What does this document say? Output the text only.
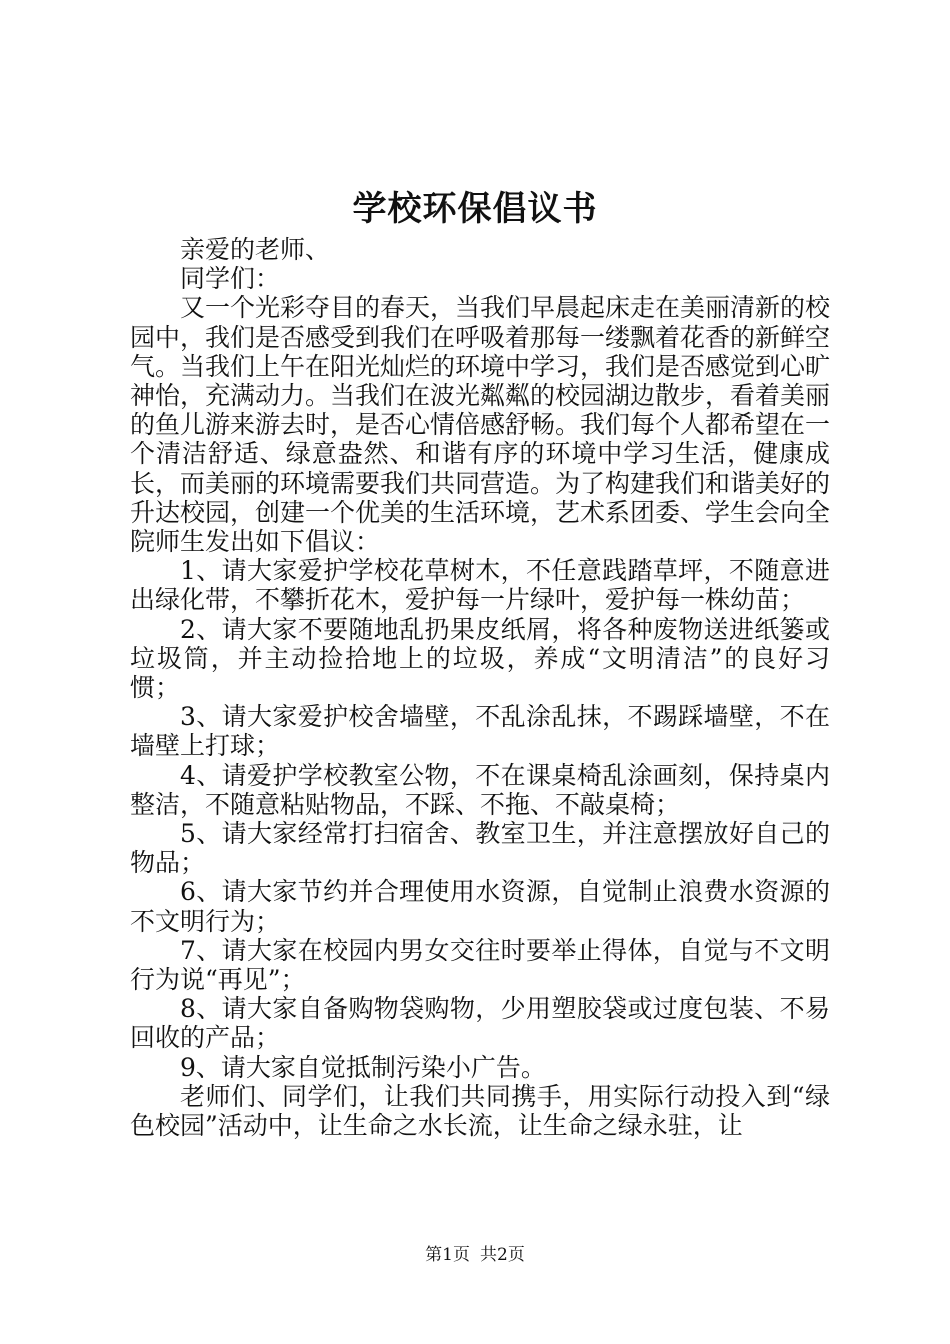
学校环保倡议书

亲爱的老师、

同学们：

又一个光彩夺目的春天，当我们早晨起床走在美丽清新的校园中，我们是否感受到我们在呼吸着那每一缕飘着花香的新鲜空气。当我们上午在阳光灿烂的环境中学习，我们是否感觉到心旷神怡，充满动力。当我们在波光粼粼的校园湖边散步，看着美丽的鱼儿游来游去时，是否心情倍感舒畅。我们每个人都希望在一个清洁舒适、绿意盎然、和谐有序的环境中学习生活，健康成长，而美丽的环境需要我们共同营造。为了构建我们和谐美好的升达校园，创建一个优美的生活环境，艺术系团委、学生会向全院师生发出如下倡议：

1、请大家爱护学校花草树木，不任意践踏草坪，不随意进出绿化带，不攀折花木，爱护每一片绿叶，爱护每一株幼苗；

2、请大家不要随地乱扔果皮纸屑，将各种废物送进纸篓或垃圾筒，并主动捡拾地上的垃圾，养成“文明清洁”的良好习惯；

3、请大家爱护校舍墙壁，不乱涂乱抹，不踢踩墙壁，不在墙壁上打球；

4、请爱护学校教室公物，不在课桌椅乱涂画刻，保持桌内整洁，不随意粘贴物品，不踩、不拖、不敲桌椅；

5、请大家经常打扫宿舍、教室卫生，并注意摆放好自己的物品；

6、请大家节约并合理使用水资源，自觉制止浪费水资源的不文明行为；

7、请大家在校园内男女交往时要举止得体，自觉与不文明行为说“再见”；

8、请大家自备购物袋购物，少用塑胶袋或过度包装、不易回收的产品；

9、请大家自觉抵制污染小广告。

老师们、同学们，让我们共同携手，用实际行动投入到“绿色校园”活动中，让生命之水长流，让生命之绿永驻，让

第1页 共2页
